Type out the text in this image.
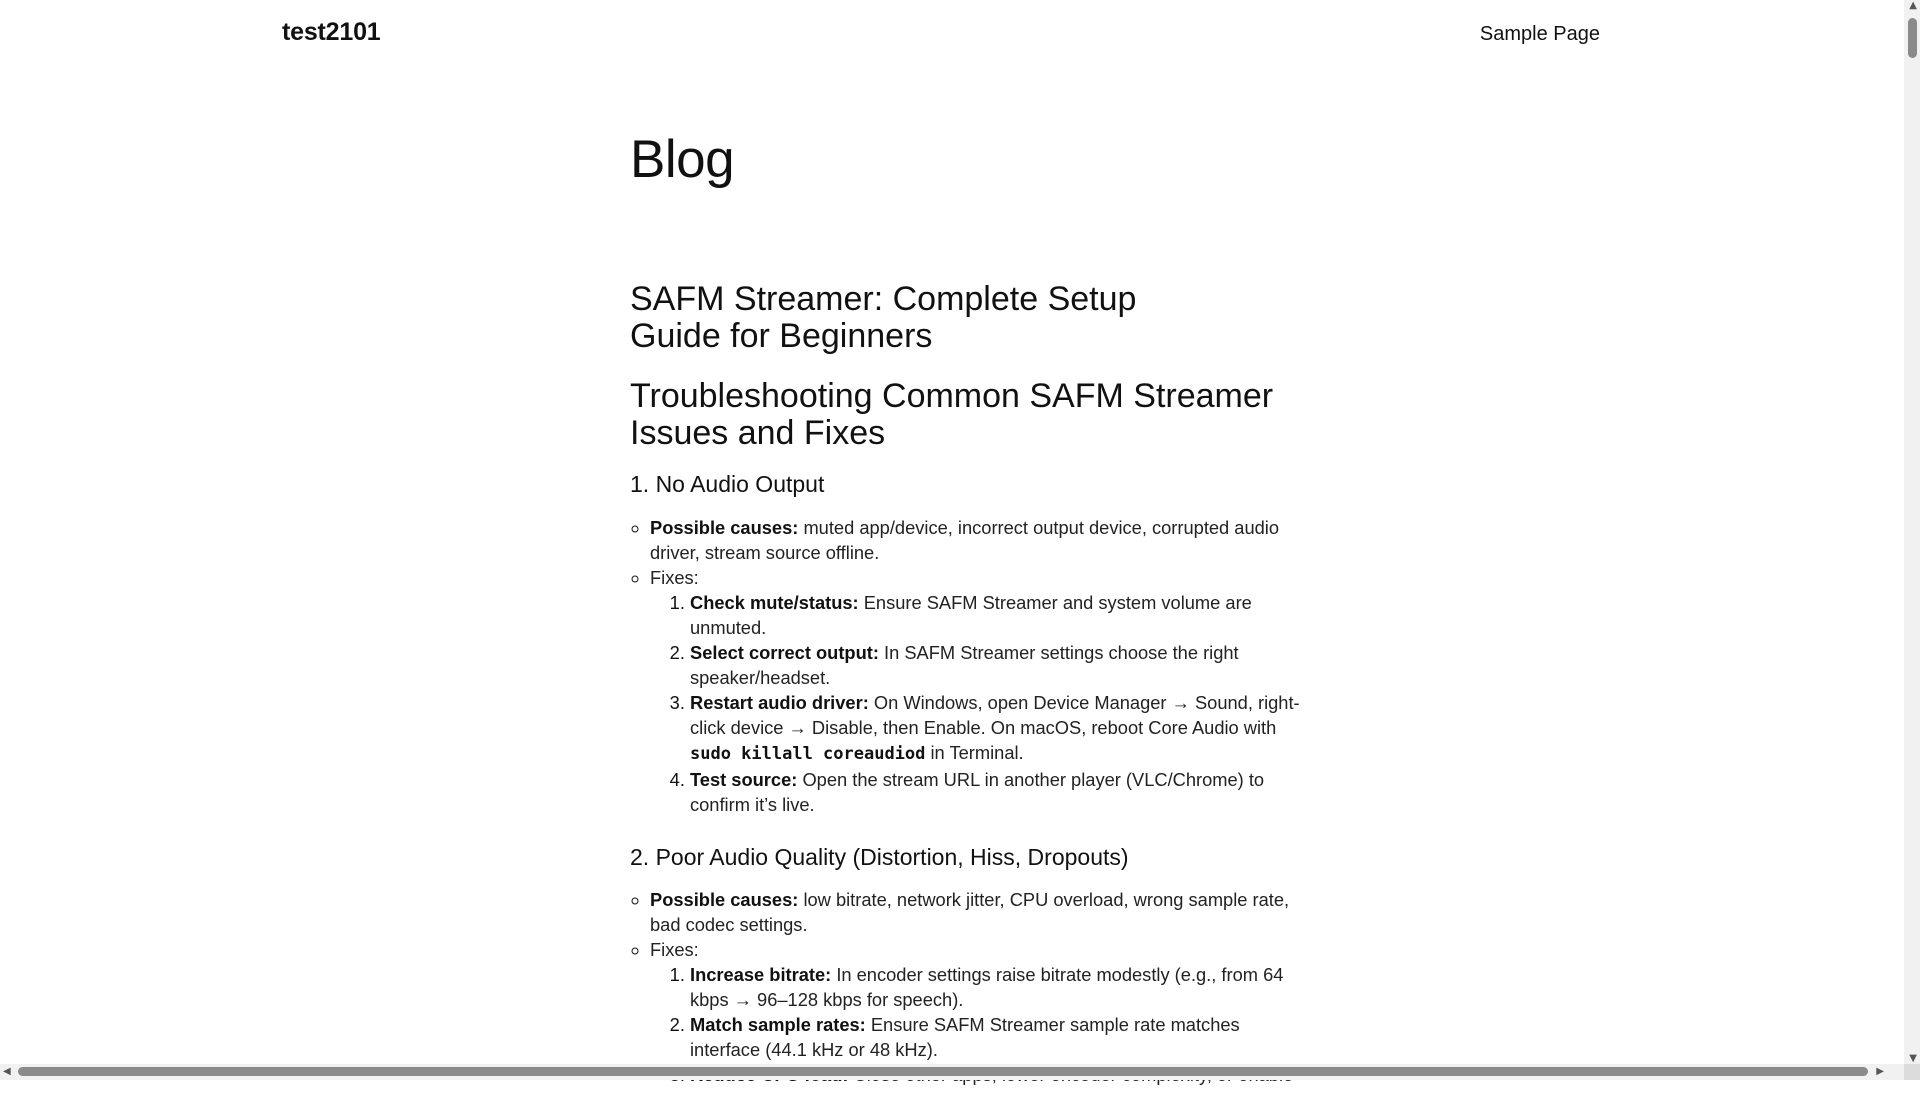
test2101	Sample Page
Blog
SAFM Streamer: Complete Setup Guide for Beginners
Troubleshooting Common SAFM Streamer Issues and Fixes
1. No Audio Output
◦ Possible causes: muted app/device, incorrect output device, corrupted audio driver, stream source offline.
◦ Fixes:
1. Check mute/status: Ensure SAFM Streamer and system volume are unmuted.
2. Select correct output: In SAFM Streamer settings choose the right speaker/headset.
3. Restart audio driver: On Windows, open Device Manager → Sound, right-click device → Disable, then Enable. On macOS, reboot Core Audio with sudo killall coreaudiod in Terminal.
4. Test source: Open the stream URL in another player (VLC/Chrome) to confirm it’s live.
2. Poor Audio Quality (Distortion, Hiss, Dropouts)
◦ Possible causes: low bitrate, network jitter, CPU overload, wrong sample rate, bad codec settings.
◦ Fixes:
1. Increase bitrate: In encoder settings raise bitrate modestly (e.g., from 64 kbps → 96–128 kbps for speech).
2. Match sample rates: Ensure SAFM Streamer sample rate matches interface (44.1 kHz or 48 kHz).
3.
▲
▼
◀	▶
